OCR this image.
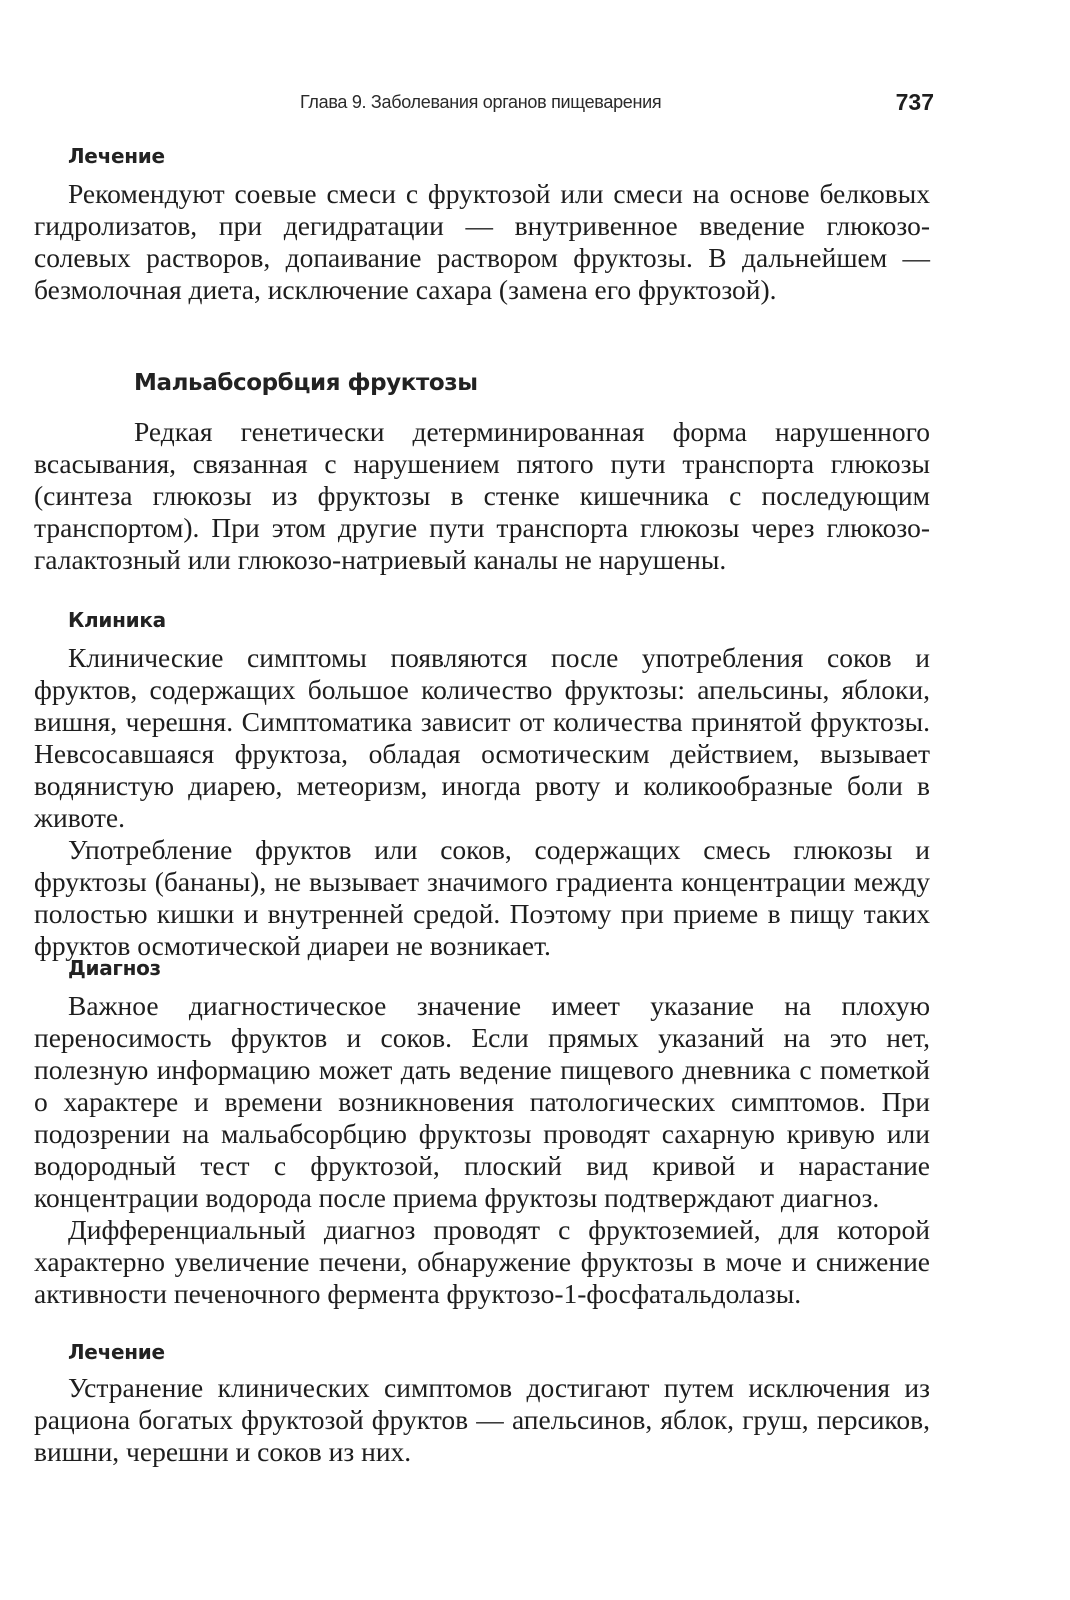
Глава 9. Заболевания органов пищеварения	737
Лечение

Рекомендуют соевые смеси с фруктозой или смеси на основе белковых гидролизатов, при дегидратации — внутривенное введение глюкозо-солевых растворов, допаивание раствором фруктозы. В дальнейшем — безмолочная диета, исключение сахара (замена его фруктозой).

Мальабсорбция фруктозы

Редкая генетически детерминированная форма нарушенного всасывания, связанная с нарушением пятого пути транспорта глюкозы (синтеза глюкозы из фруктозы в стенке кишечника с последующим транспортом). При этом другие пути транспорта глюкозы через глюкозо-галактозный или глюкозо-натриевый каналы не нарушены.

Клиника

Клинические симптомы появляются после употребления соков и фруктов, содержащих большое количество фруктозы: апельсины, яблоки, вишня, черешня. Симптоматика зависит от количества принятой фруктозы. Невсосавшаяся фруктоза, обладая осмотическим действием, вызывает водянистую диарею, метеоризм, иногда рвоту и коликообразные боли в животе.

Употребление фруктов или соков, содержащих смесь глюкозы и фруктозы (бананы), не вызывает значимого градиента концентрации между полостью кишки и внутренней средой. Поэтому при приеме в пищу таких фруктов осмотической диареи не возникает.

Диагноз

Важное диагностическое значение имеет указание на плохую переносимость фруктов и соков. Если прямых указаний на это нет, полезную информацию может дать ведение пищевого дневника с пометкой о характере и времени возникновения патологических симптомов. При подозрении на мальабсорбцию фруктозы проводят сахарную кривую или водородный тест с фруктозой, плоский вид кривой и нарастание концентрации водорода после приема фруктозы подтверждают диагноз.

Дифференциальный диагноз проводят с фруктоземией, для которой характерно увеличение печени, обнаружение фруктозы в моче и снижение активности печеночного фермента фруктозо-1-фосфатальдолазы.

Лечение

Устранение клинических симптомов достигают путем исключения из рациона богатых фруктозой фруктов — апельсинов, яблок, груш, персиков, вишни, черешни и соков из них.
